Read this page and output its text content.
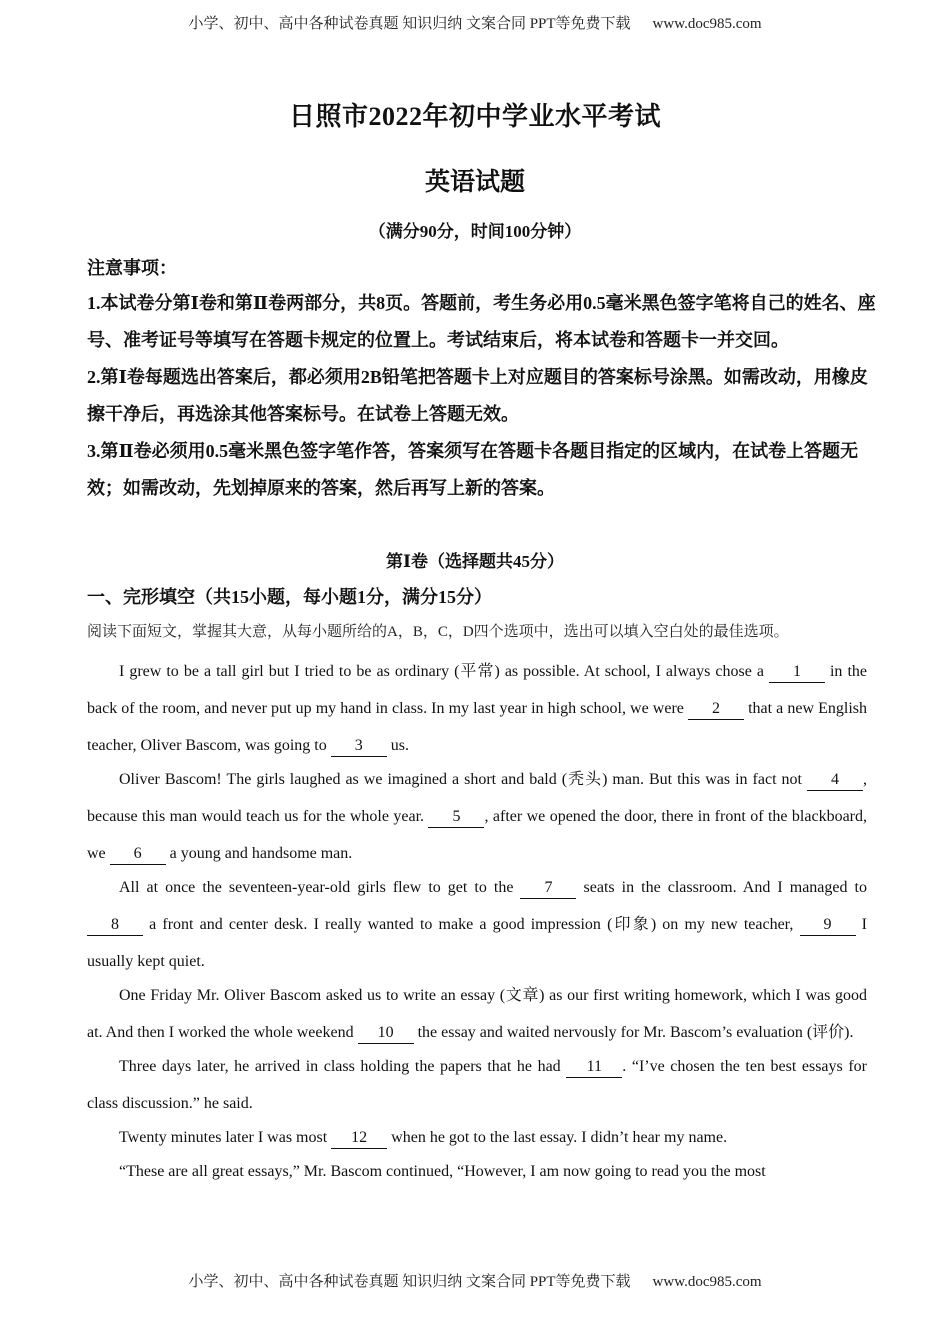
小学、初中、高中各种试卷真题 知识归纳 文案合同 PPT等免费下载 www.doc985.com
日照市2022年初中学业水平考试
英语试题
（满分90分，时间100分钟）

注意事项：

1.本试卷分第Ⅰ卷和第Ⅱ卷两部分，共8页。答题前，考生务必用0.5毫米黑色签字笔将自己的姓名、座号、准考证号等填写在答题卡规定的位置上。考试结束后，将本试卷和答题卡一并交回。

2.第Ⅰ卷每题选出答案后，都必须用2B铅笔把答题卡上对应题目的答案标号涂黑。如需改动，用橡皮擦干净后，再选涂其他答案标号。在试卷上答题无效。

3.第Ⅱ卷必须用0.5毫米黑色签字笔作答，答案须写在答题卡各题目指定的区域内，在试卷上答题无效；如需改动，先划掉原来的答案，然后再写上新的答案。

第Ⅰ卷（选择题共45分）
一、完形填空（共15小题，每小题1分，满分15分）
阅读下面短文，掌握其大意，从每小题所给的A，B，C，D四个选项中，选出可以填入空白处的最佳选项。

I grew to be a tall girl but I tried to be as ordinary (平常) as possible. At school, I always chose a 1 in the back of the room, and never put up my hand in class. In my last year in high school, we were 2 that a new English teacher, Oliver Bascom, was going to 3 us.

Oliver Bascom! The girls laughed as we imagined a short and bald (秃头) man. But this was in fact not 4 , because this man would teach us for the whole year. 5 , after we opened the door, there in front of the blackboard, we 6 a young and handsome man.

All at once the seventeen-year-old girls flew to get to the 7 seats in the classroom. And I managed to 8 a front and center desk. I really wanted to make a good impression (印象) on my new teacher, 9 I usually kept quiet.

One Friday Mr. Oliver Bascom asked us to write an essay (文章) as our first writing homework, which I was good at. And then I worked the whole weekend 10 the essay and waited nervously for Mr. Bascom’s evaluation (评价).

Three days later, he arrived in class holding the papers that he had 11 . “I’ve chosen the ten best essays for class discussion.” he said.

Twenty minutes later I was most 12 when he got to the last essay. I didn’t hear my name.

“These are all great essays,” Mr. Bascom continued, “However, I am now going to read you the most

小学、初中、高中各种试卷真题 知识归纳 文案合同 PPT等免费下载 www.doc985.com
